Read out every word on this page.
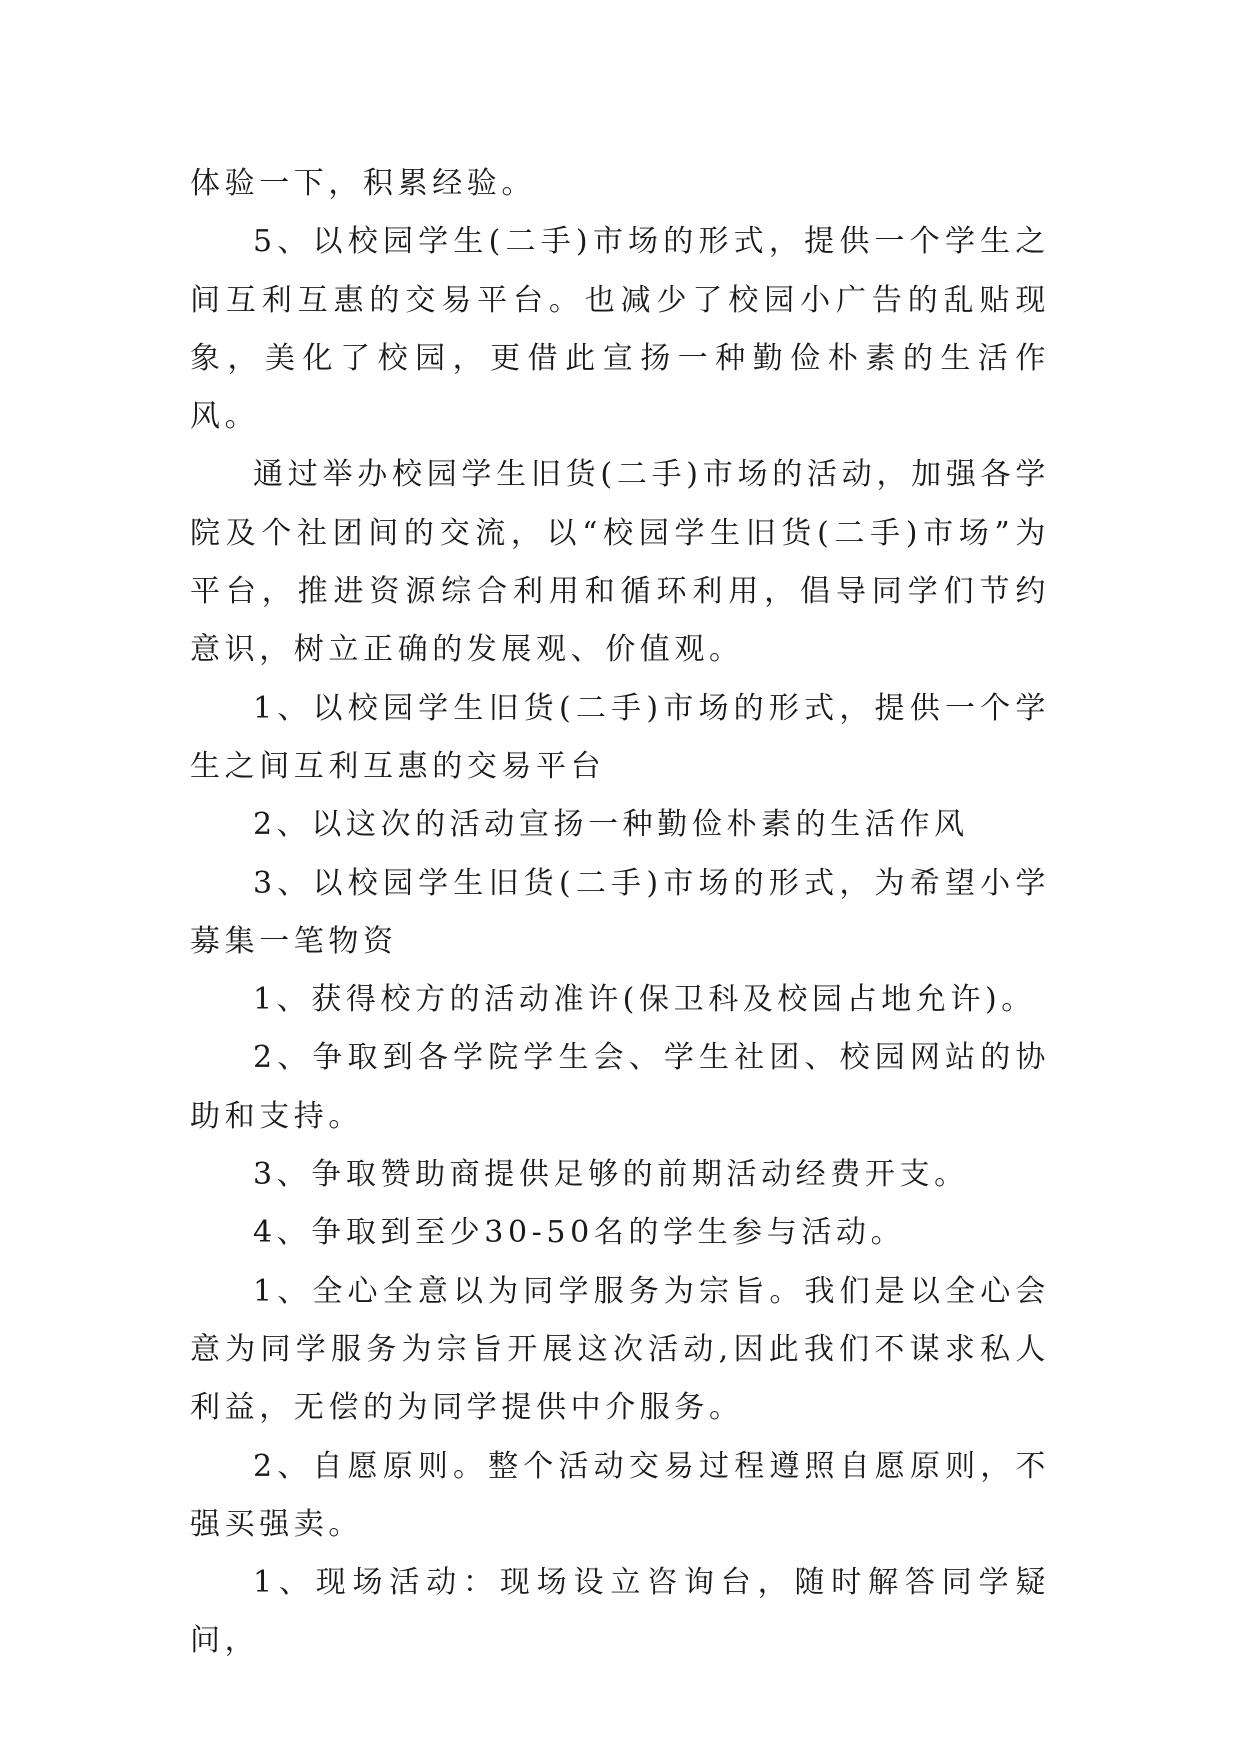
体验一下，积累经验。

5、以校园学生(二手)市场的形式，提供一个学生之间互利互惠的交易平台。也减少了校园小广告的乱贴现象，美化了校园，更借此宣扬一种勤俭朴素的生活作风。

通过举办校园学生旧货(二手)市场的活动，加强各学院及个社团间的交流，以“校园学生旧货(二手)市场”为平台，推进资源综合利用和循环利用，倡导同学们节约意识，树立正确的发展观、价值观。

1、以校园学生旧货(二手)市场的形式，提供一个学生之间互利互惠的交易平台

2、以这次的活动宣扬一种勤俭朴素的生活作风

3、以校园学生旧货(二手)市场的形式，为希望小学募集一笔物资

1、获得校方的活动准许(保卫科及校园占地允许)。

2、争取到各学院学生会、学生社团、校园网站的协助和支持。

3、争取赞助商提供足够的前期活动经费开支。

4、争取到至少30-50名的学生参与活动。

1、全心全意以为同学服务为宗旨。我们是以全心会意为同学服务为宗旨开展这次活动,因此我们不谋求私人利益，无偿的为同学提供中介服务。

2、自愿原则。整个活动交易过程遵照自愿原则，不强买强卖。

1、现场活动：现场设立咨询台，随时解答同学疑问，
